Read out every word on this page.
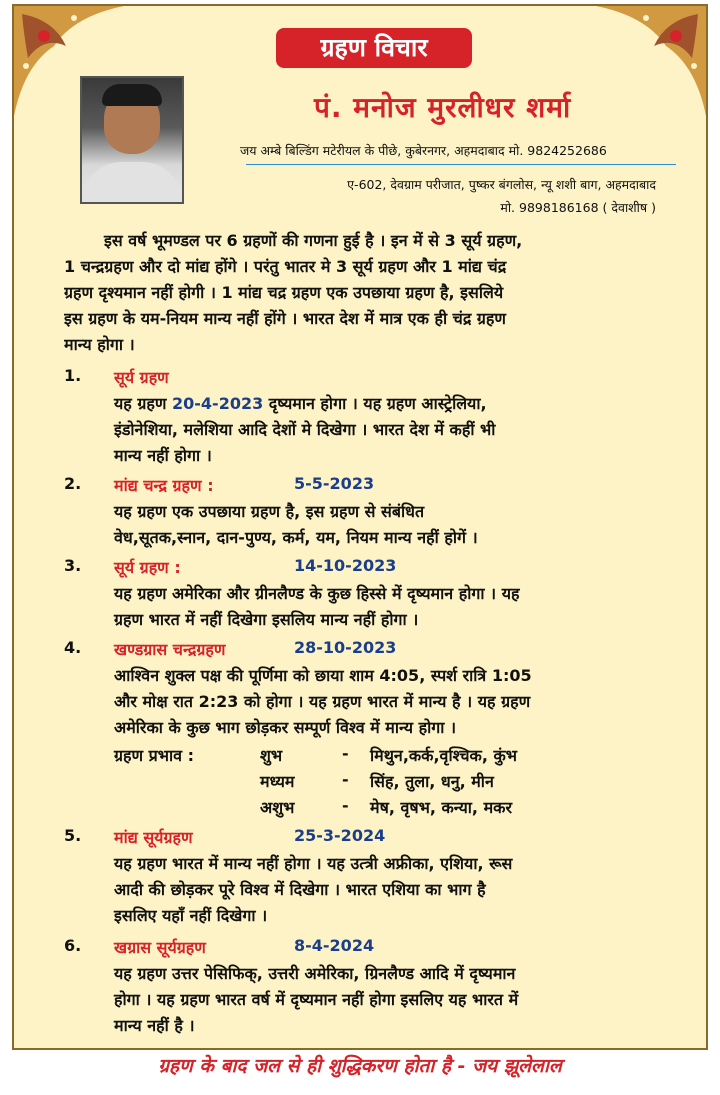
ग्रहण विचार
पं. मनोज मुरलीधर शर्मा
जय अम्बे बिल्डिंग मटेरीयल के पीछे, कुबेरनगर, अहमदाबाद मो. 9824252686
ए-602, देवग्राम परीजात, पुष्कर बंगलोस, न्यू शशी बाग, अहमदाबाद
मो. 9898186168 ( देवाशीष )
इस वर्ष भूमण्डल पर 6 ग्रहणों की गणना हुई है । इन में से 3 सूर्य ग्रहण,
1 चन्द्रग्रहण और दो मांद्य होंगे । परंतु भातर मे 3 सूर्य ग्रहण और 1 मांद्य चंद्र
ग्रहण दृश्यमान नहीं होगी । 1 मांद्य चद्र ग्रहण एक उपछाया ग्रहण है, इसलिये
इस ग्रहण के यम-नियम मान्य नहीं होंगे । भारत देश में मात्र एक ही चंद्र ग्रहण
मान्य होगा ।
1. सूर्य ग्रहण
यह ग्रहण 20-4-2023 दृष्यमान होगा । यह ग्रहण आस्ट्रेलिया,
इंडोनेशिया, मलेशिया आदि देशों मे दिखेगा । भारत देश में कहीं भी
मान्य नहीं होगा ।
2. मांद्य चन्द्र ग्रहण :	5-5-2023
यह ग्रहण एक उपछाया ग्रहण है, इस ग्रहण से संबंधित
वेध,सूतक,स्नान, दान-पुण्य, कर्म, यम, नियम मान्य नहीं होगें ।
3. सूर्य ग्रहण :	14-10-2023
यह ग्रहण अमेरिका और ग्रीनलैण्ड के कुछ हिस्से में दृष्यमान होगा । यह
ग्रहण भारत में नहीं दिखेगा इसलिय मान्य नहीं होगा ।
4. खण्डग्रास चन्द्रग्रहण	28-10-2023
आश्विन शुक्ल पक्ष की पूर्णिमा को छाया शाम 4:05, स्पर्श रात्रि 1:05
और मोक्ष रात 2:23 को होगा । यह ग्रहण भारत में मान्य है । यह ग्रहण
अमेरिका के कुछ भाग छोड़कर सम्पूर्ण विश्व में मान्य होगा ।
ग्रहण प्रभाव :	शुभ	- मिथुन,कर्क,वृश्चिक, कुंभ
मध्यम	- सिंह, तुला, धनु, मीन
अशुभ	- मेष, वृषभ, कन्या, मकर
5. मांद्य सूर्यग्रहण	25-3-2024
यह ग्रहण भारत में मान्य नहीं होगा । यह उत्त्री अफ्रीका, एशिया, रूस
आदी की छोड़कर पूरे विश्व में दिखेगा । भारत एशिया का भाग है
इसलिए यहाँ नहीं दिखेगा ।
6. खग्रास सूर्यग्रहण	8-4-2024
यह ग्रहण उत्तर पेसिफिक्, उत्तरी अमेरिका, ग्रिनलैण्ड आदि में दृष्यमान
होगा । यह ग्रहण भारत वर्ष में दृष्यमान नहीं होगा इसलिए यह भारत में
मान्य नहीं है ।
ग्रहण के बाद जल से ही शुद्धिकरण होता है - जय झूलेलाल
